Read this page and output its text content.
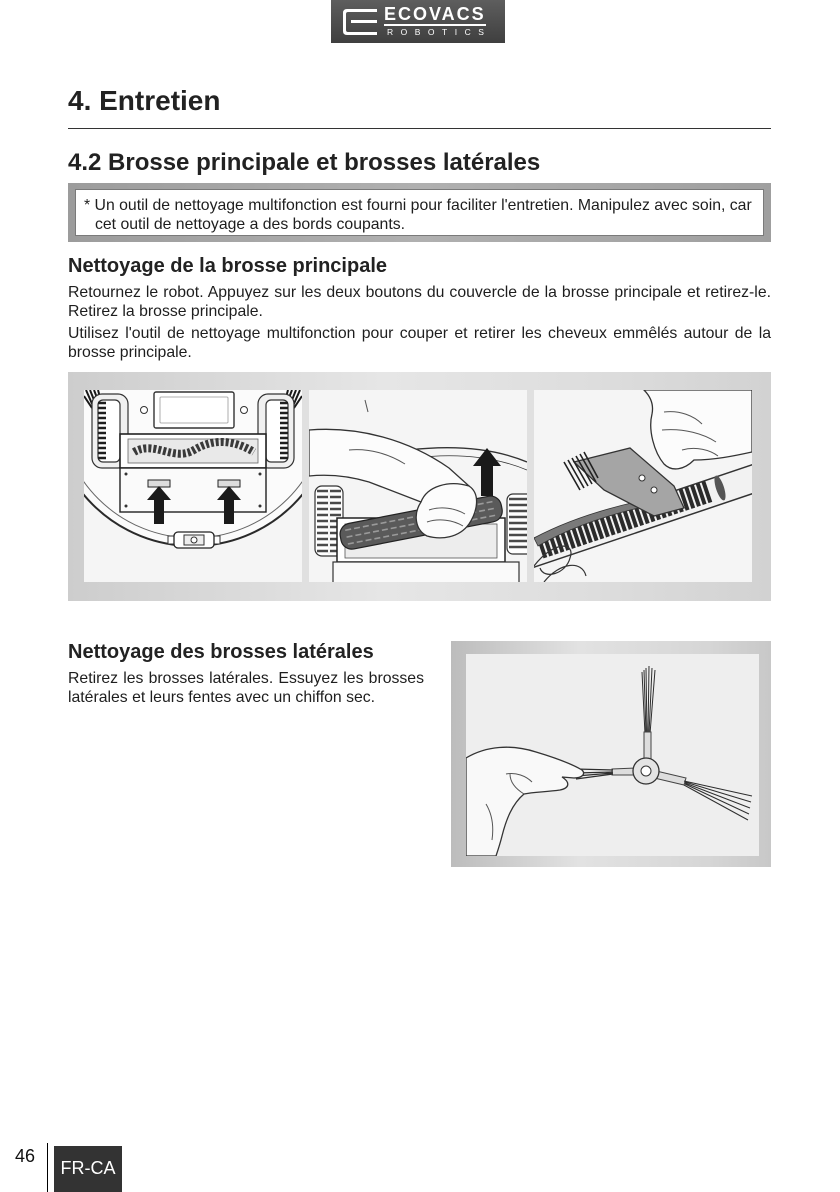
ECOVACS
ROBOTICS
4. Entretien
4.2 Brosse principale et brosses latérales
* Un outil de nettoyage multifonction est fourni pour faciliter l'entretien. Manipulez avec soin, car cet outil de nettoyage a des bords coupants.
Nettoyage de la brosse principale

Retournez le robot. Appuyez sur les deux boutons du couvercle de la brosse principale et retirez-le. Retirez la brosse principale.

Utilisez l'outil de nettoyage multifonction pour couper et retirer les cheveux emmêlés autour de la brosse principale.

Nettoyage des brosses latérales

Retirez les brosses latérales. Essuyez les brosses latérales et leurs fentes avec un chiffon sec.

46
FR-CA
